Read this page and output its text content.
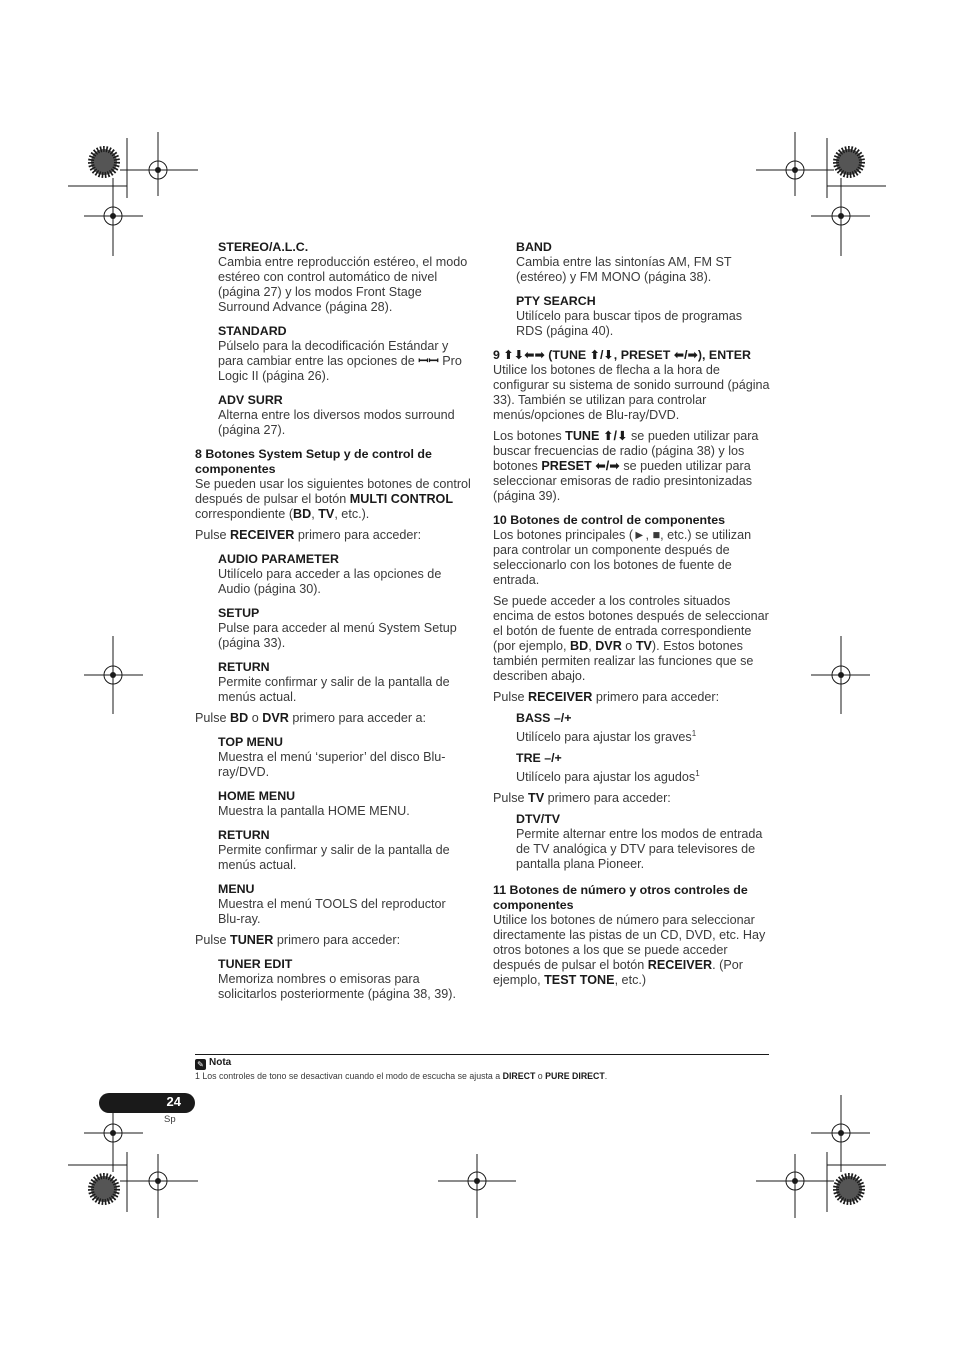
STEREO/A.L.C.

Cambia entre reproducción estéreo, el modo estéreo con control automático de nivel (página 27) y los modos Front Stage Surround Advance (página 28).

STANDARD

Púlselo para la decodificación Estándar y para cambiar entre las opciones de ꟷꟷ Pro Logic II (página 26).

ADV SURR

Alterna entre los diversos modos surround (página 27).

8 Botones System Setup y de control de componentes

Se pueden usar los siguientes botones de control después de pulsar el botón MULTI CONTROL correspondiente (BD, TV, etc.).

Pulse RECEIVER primero para acceder:

AUDIO PARAMETER

Utilícelo para acceder a las opciones de Audio (página 30).

SETUP

Pulse para acceder al menú System Setup (página 33).

RETURN

Permite confirmar y salir de la pantalla de menús actual.

Pulse BD o DVR primero para acceder a:

TOP MENU

Muestra el menú ‘superior’ del disco Blu-ray/DVD.

HOME MENU

Muestra la pantalla HOME MENU.

RETURN

Permite confirmar y salir de la pantalla de menús actual.

MENU

Muestra el menú TOOLS del reproductor Blu-ray.

Pulse TUNER primero para acceder:

TUNER EDIT

Memoriza nombres o emisoras para solicitarlos posteriormente (página 38, 39).

BAND

Cambia entre las sintonías AM, FM ST (estéreo) y FM MONO (página 38).

PTY SEARCH

Utilícelo para buscar tipos de programas RDS (página 40).

9 ⬆⬇⬅➡ (TUNE ⬆/⬇, PRESET ⬅/➡), ENTER

Utilice los botones de flecha a la hora de configurar su sistema de sonido surround (página 33). También se utilizan para controlar menús/opciones de Blu-ray/DVD.

Los botones TUNE ⬆/⬇ se pueden utilizar para buscar frecuencias de radio (página 38) y los botones PRESET ⬅/➡ se pueden utilizar para seleccionar emisoras de radio presintonizadas (página 39).

10 Botones de control de componentes

Los botones principales (►, ■, etc.) se utilizan para controlar un componente después de seleccionarlo con los botones de fuente de entrada.

Se puede acceder a los controles situados encima de estos botones después de seleccionar el botón de fuente de entrada correspondiente (por ejemplo, BD, DVR o TV). Estos botones también permiten realizar las funciones que se describen abajo.

Pulse RECEIVER primero para acceder:

BASS –/+

Utilícelo para ajustar los graves$^1$

TRE –/+

Utilícelo para ajustar los agudos$^1$

Pulse TV primero para acceder:

DTV/TV

Permite alternar entre los modos de entrada de TV analógica y DTV para televisores de pantalla plana Pioneer.

11 Botones de número y otros controles de componentes

Utilice los botones de número para seleccionar directamente las pistas de un CD, DVD, etc. Hay otros botones a los que se puede acceder después de pulsar el botón RECEIVER. (Por ejemplo, TEST TONE, etc.)

✎ Nota
1 Los controles de tono se desactivan cuando el modo de escucha se ajusta a DIRECT o PURE DIRECT.
24
Sp
